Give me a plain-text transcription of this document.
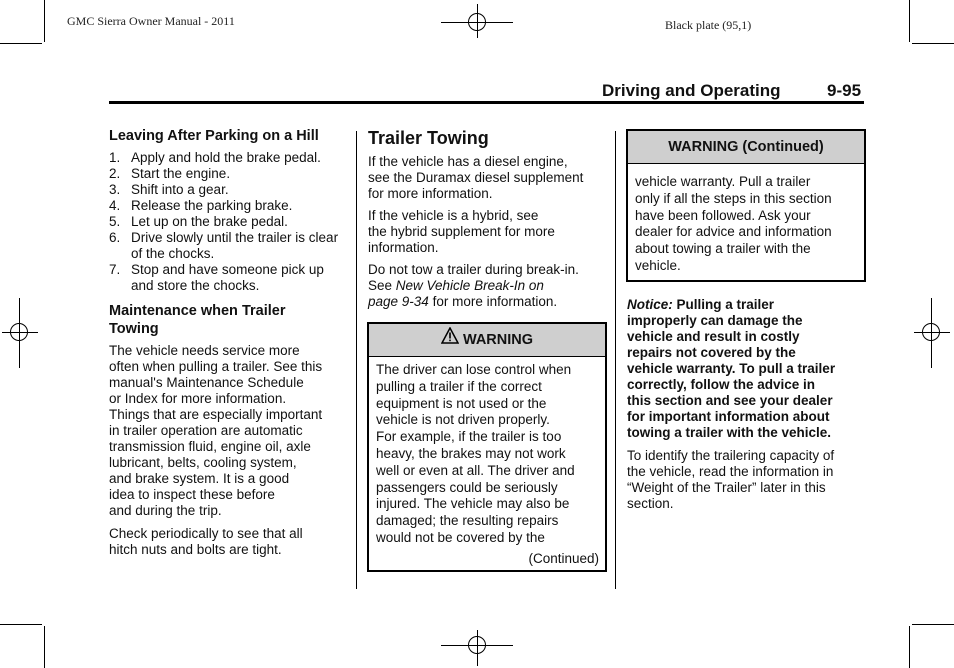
GMC Sierra Owner Manual - 2011	Black plate (95,1)
Driving and Operating	9-95

Leaving After Parking on a Hill

1. Apply and hold the brake pedal.
2. Start the engine.
3. Shift into a gear.
4. Release the parking brake.
5. Let up on the brake pedal.
6. Drive slowly until the trailer is clear of the chocks.
7. Stop and have someone pick up and store the chocks.

Maintenance when Trailer
Towing

The vehicle needs service more
often when pulling a trailer. See this
manual's Maintenance Schedule
or Index for more information.
Things that are especially important
in trailer operation are automatic
transmission fluid, engine oil, axle
lubricant, belts, cooling system,
and brake system. It is a good
idea to inspect these before
and during the trip.

Check periodically to see that all
hitch nuts and bolts are tight.

Trailer Towing

If the vehicle has a diesel engine,
see the Duramax diesel supplement
for more information.

If the vehicle is a hybrid, see
the hybrid supplement for more
information.

Do not tow a trailer during break-in.
See New Vehicle Break-In on
page 9-34 for more information.

WARNING
The driver can lose control when
pulling a trailer if the correct
equipment is not used or the
vehicle is not driven properly.
For example, if the trailer is too
heavy, the brakes may not work
well or even at all. The driver and
passengers could be seriously
injured. The vehicle may also be
damaged; the resulting repairs
would not be covered by the
(Continued)
WARNING (Continued)
vehicle warranty. Pull a trailer
only if all the steps in this section
have been followed. Ask your
dealer for advice and information
about towing a trailer with the
vehicle.

Notice: Pulling a trailer
improperly can damage the
vehicle and result in costly
repairs not covered by the
vehicle warranty. To pull a trailer
correctly, follow the advice in
this section and see your dealer
for important information about
towing a trailer with the vehicle.

To identify the trailering capacity of
the vehicle, read the information in
“Weight of the Trailer” later in this
section.
